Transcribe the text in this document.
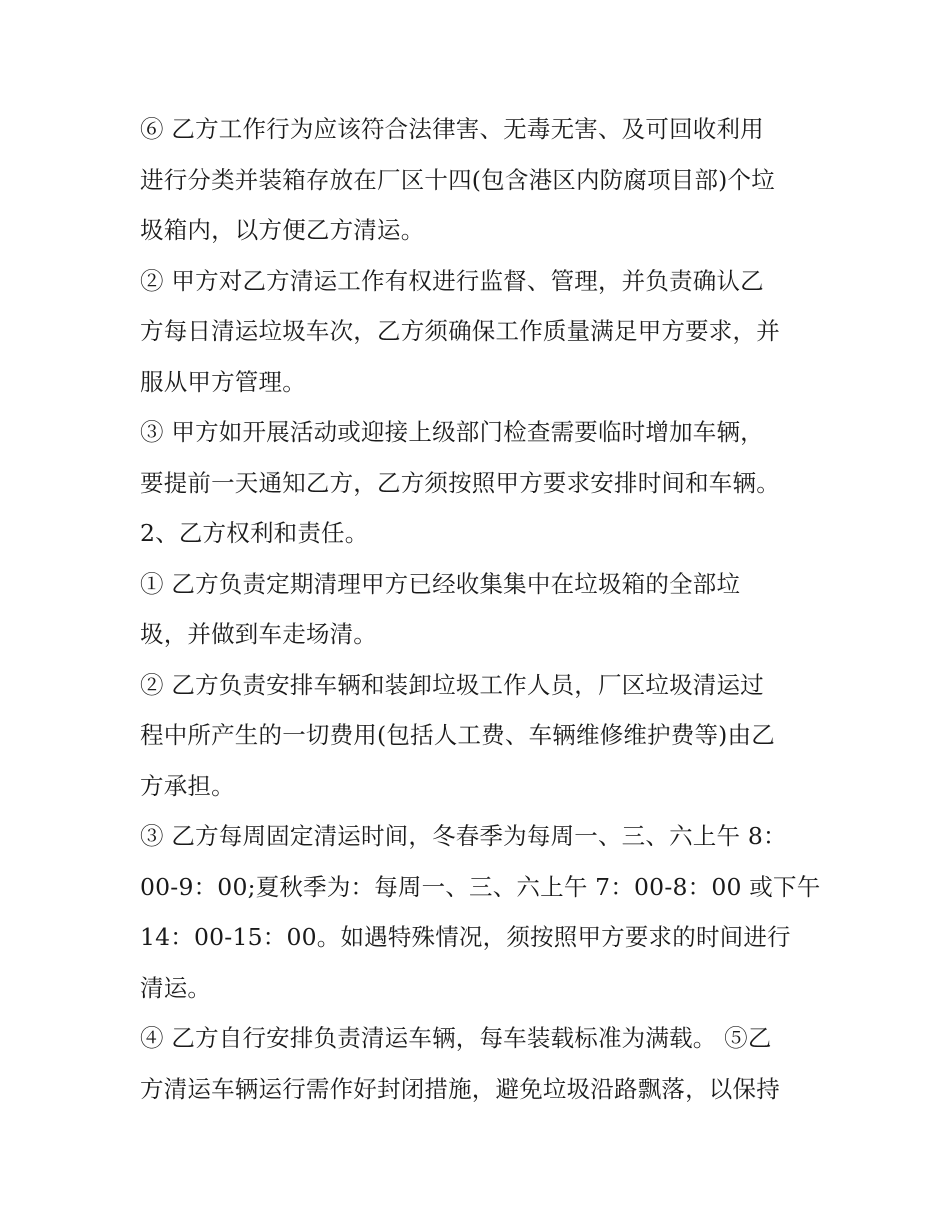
⑥ 乙方工作行为应该符合法律害、无毒无害、及可回收利用
进行分类并装箱存放在厂区十四(包含港区内防腐项目部)个垃
圾箱内，以方便乙方清运。
② 甲方对乙方清运工作有权进行监督、管理，并负责确认乙
方每日清运垃圾车次，乙方须确保工作质量满足甲方要求，并
服从甲方管理。
③ 甲方如开展活动或迎接上级部门检查需要临时增加车辆，
要提前一天通知乙方，乙方须按照甲方要求安排时间和车辆。
2、乙方权利和责任。
① 乙方负责定期清理甲方已经收集集中在垃圾箱的全部垃
圾，并做到车走场清。
② 乙方负责安排车辆和装卸垃圾工作人员，厂区垃圾清运过
程中所产生的一切费用(包括人工费、车辆维修维护费等)由乙
方承担。
③ 乙方每周固定清运时间，冬春季为每周一、三、六上午 8：
00-9：00;夏秋季为：每周一、三、六上午 7：00-8：00 或下午
14：00-15：00。如遇特殊情况，须按照甲方要求的时间进行
清运。
④ 乙方自行安排负责清运车辆，每车装载标准为满载。 ⑤乙
方清运车辆运行需作好封闭措施，避免垃圾沿路飘落，以保持
